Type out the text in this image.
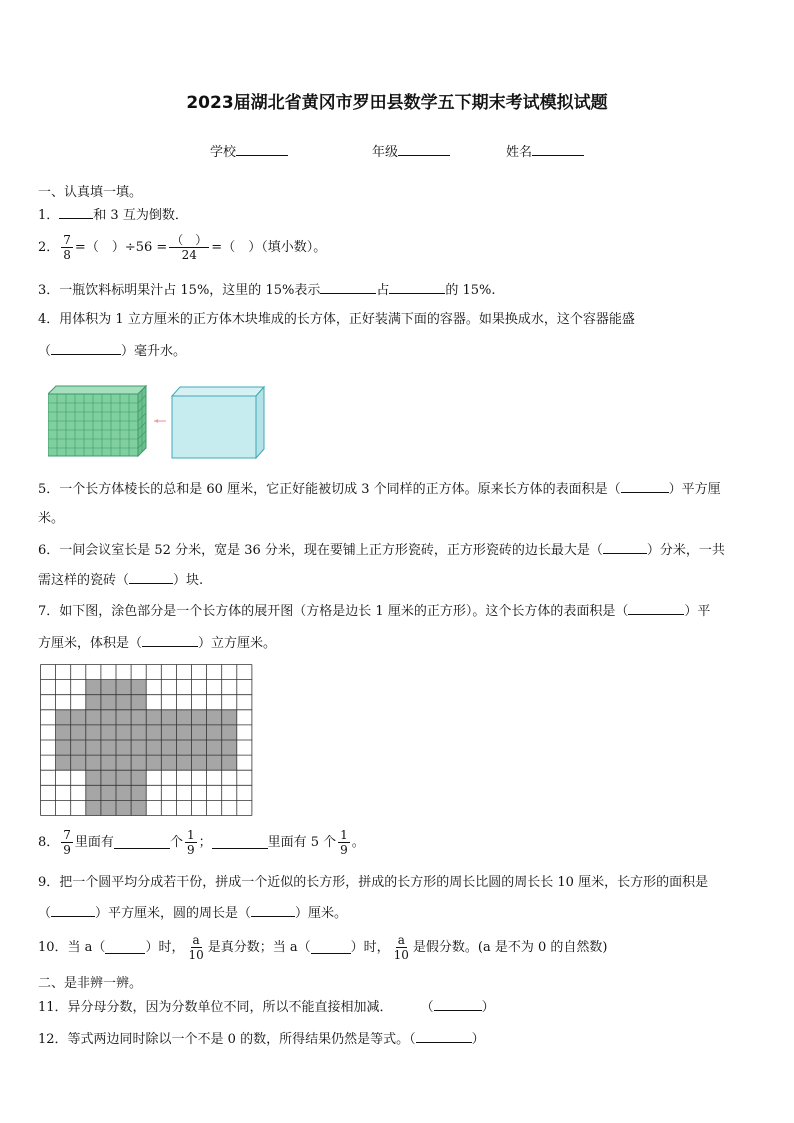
2023届湖北省黄冈市罗田县数学五下期末考试模拟试题
学校	年级	姓名
一、认真填一填。
1．	和 3 互为倒数．
2． $\frac{7}{8}$ =（　）$\div 56 = \frac{( )}{24}$ =（　）（填小数）。
3．一瓶饮料标明果汁占 15%，这里的 15%表示	占	的 15%.
4．用体积为 1 立方厘米的正方体木块堆成的长方体，正好装满下面的容器。如果换成水，这个容器能盛
（	）毫升水。
5．一个长方体棱长的总和是 60 厘米，它正好能被切成 3 个同样的正方体。原来长方体的表面积是（	）平方厘
米。
6．一间会议室长是 52 分米，宽是 36 分米，现在要铺上正方形瓷砖，正方形瓷砖的边长最大是（	）分米，一共
需这样的瓷砖（	）块.
7．如下图，涂色部分是一个长方体的展开图（方格是边长 1 厘米的正方形）。这个长方体的表面积是（	）平
方厘米，体积是（	）立方厘米。
8． $\frac{7}{9}$ 里面有	个 $\frac{1}{9}$ ；	里面有 5 个 $\frac{1}{9}$ 。
9．把一个圆平均分成若干份，拼成一个近似的长方形，拼成的长方形的周长比圆的周长长 10 厘米，长方形的面积是
（	）平方厘米，圆的周长是（	）厘米。
10． 当 a（	）时， $\frac{a}{10}$ 是真分数；当 a（	）时， $\frac{a}{10}$ 是假分数。(a 是不为 0 的自然数)
二、是非辨一辨。
11．异分母分数，因为分数单位不同，所以不能直接相加减． （	）
12．等式两边同时除以一个不是 0 的数，所得结果仍然是等式。（	）
